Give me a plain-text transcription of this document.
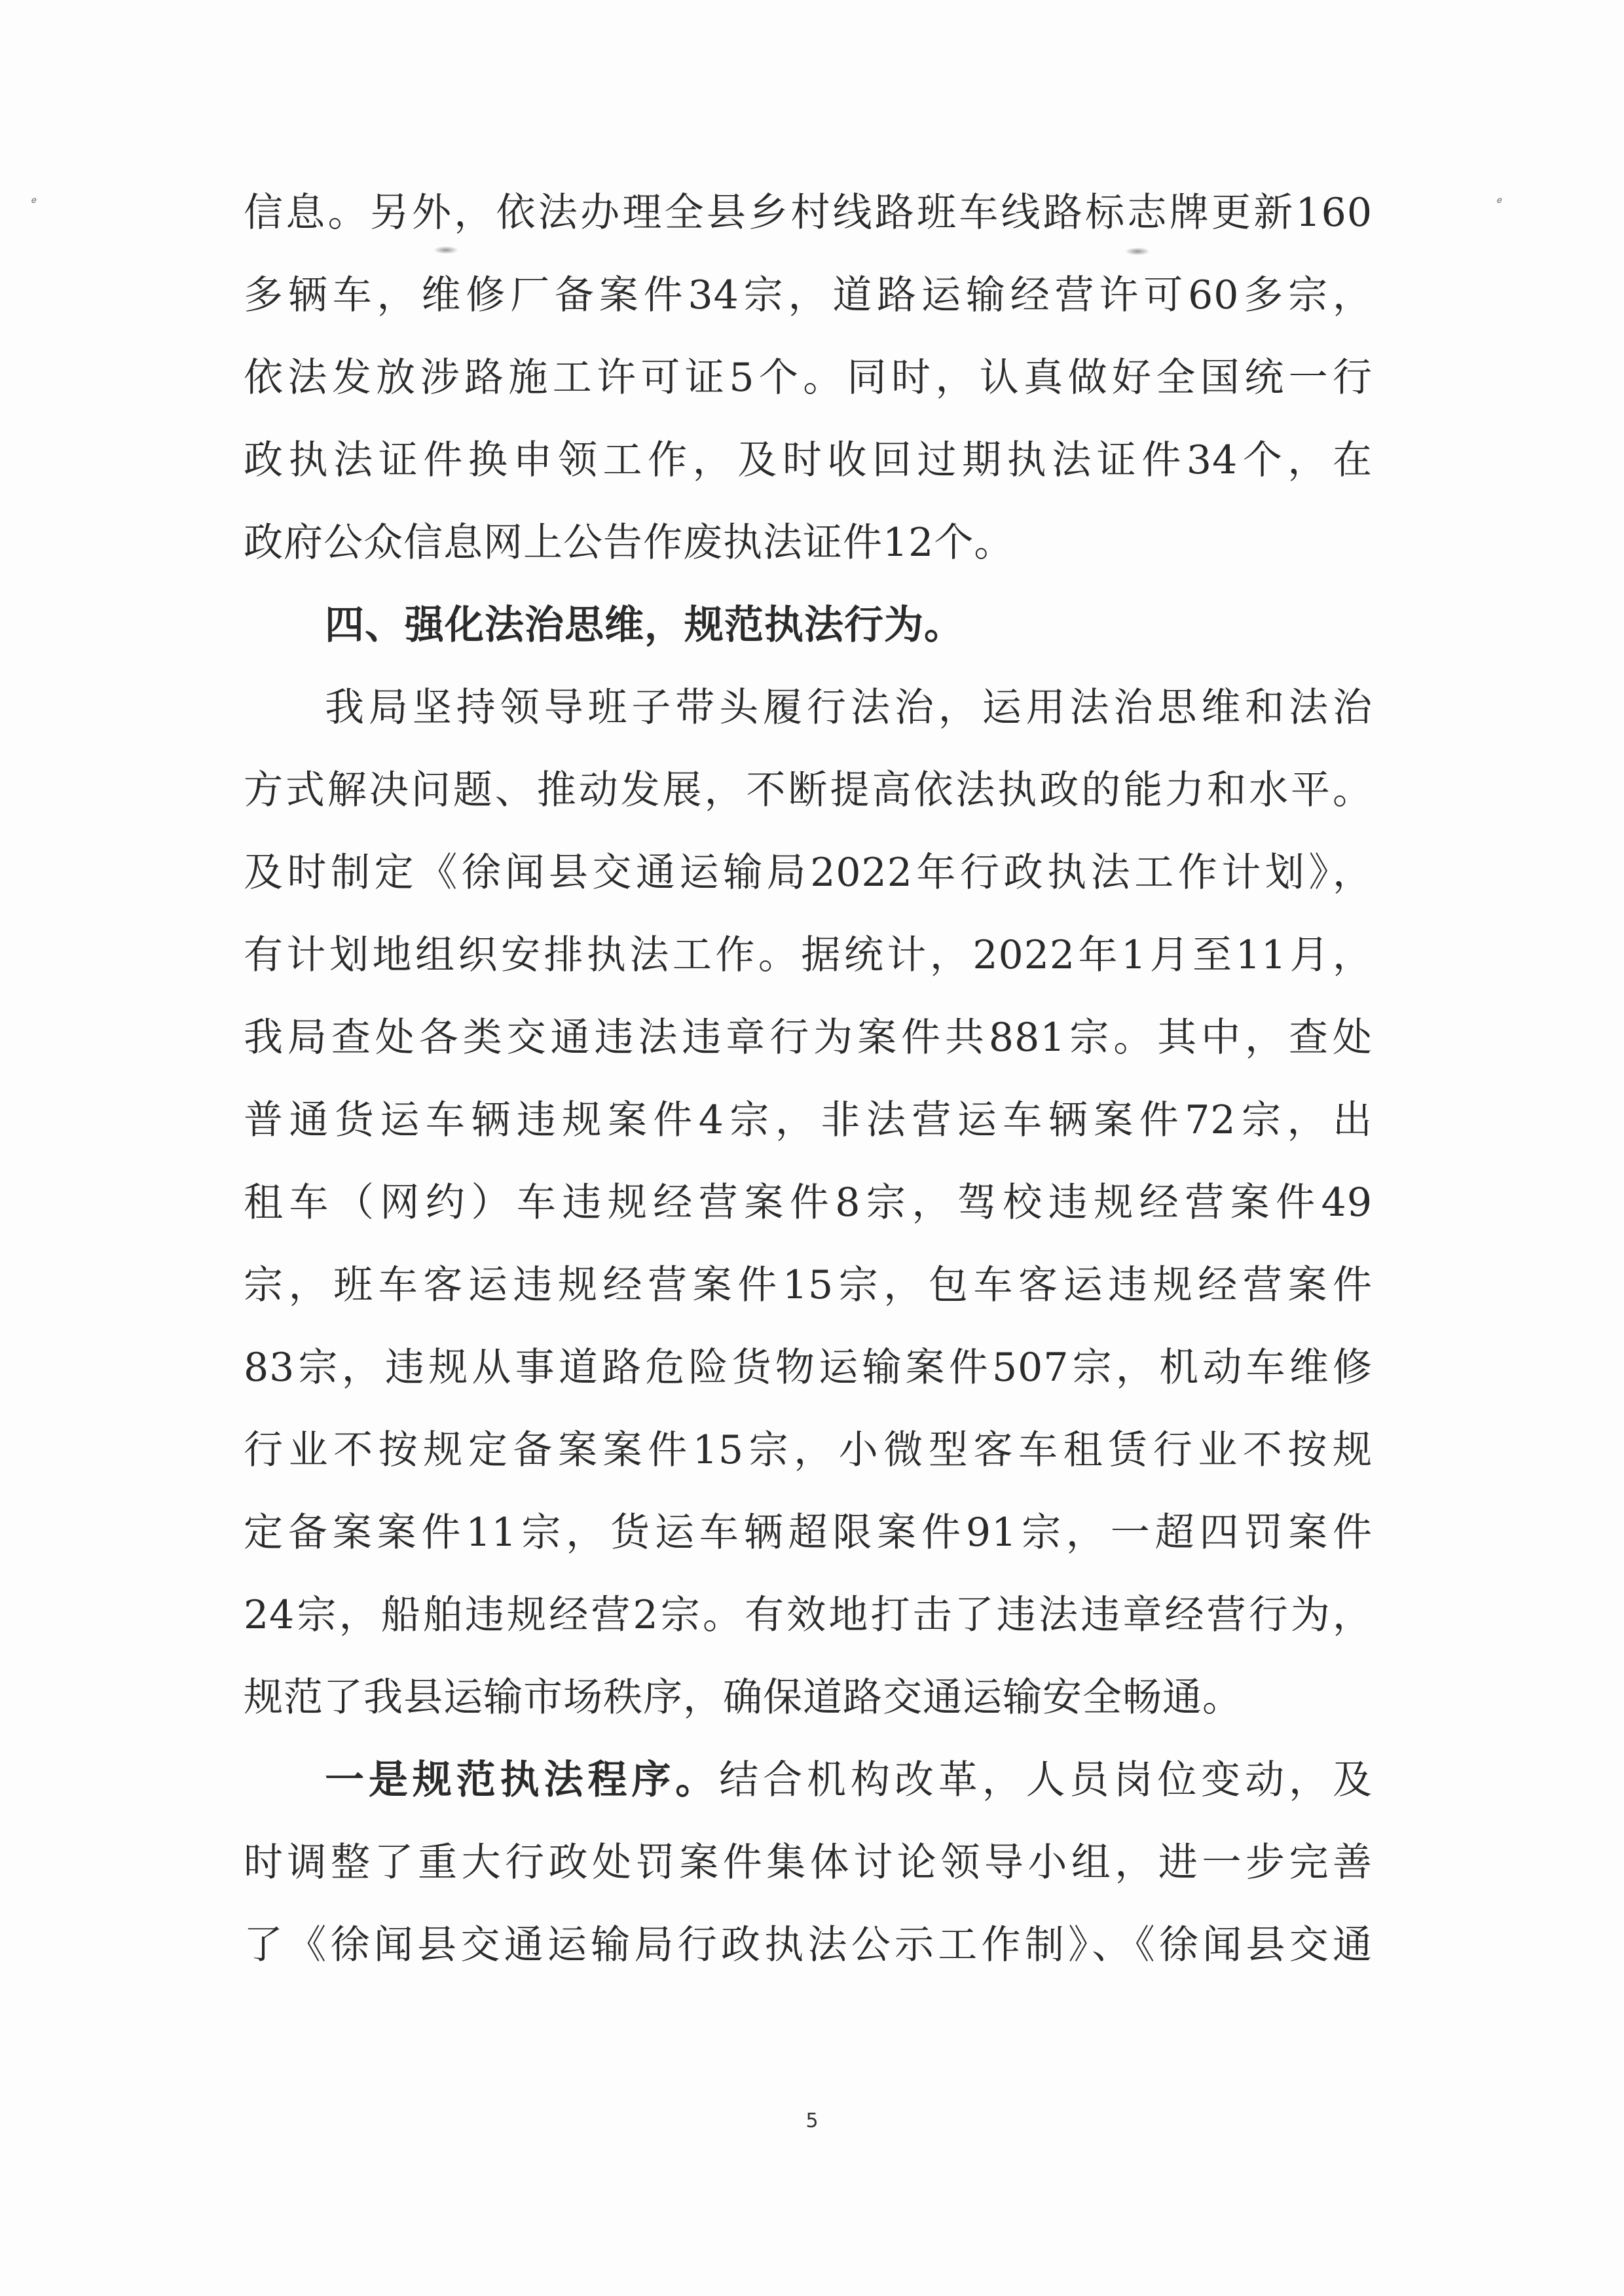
𝑒	𝑒
信息。另外，依法办理全县乡村线路班车线路标志牌更新160
多辆车，维修厂备案件34宗，道路运输经营许可60多宗，
依法发放涉路施工许可证5个。同时，认真做好全国统一行
政执法证件换申领工作，及时收回过期执法证件34个，在
政府公众信息网上公告作废执法证件12个。
四、强化法治思维，规范执法行为。
我局坚持领导班子带头履行法治，运用法治思维和法治
方式解决问题、推动发展，不断提高依法执政的能力和水平。
及时制定《徐闻县交通运输局2022年行政执法工作计划》，
有计划地组织安排执法工作。据统计，2022年1月至11月，
我局查处各类交通违法违章行为案件共881宗。其中，查处
普通货运车辆违规案件4宗，非法营运车辆案件72宗，出
租车（网约）车违规经营案件8宗，驾校违规经营案件49
宗，班车客运违规经营案件15宗，包车客运违规经营案件
83宗，违规从事道路危险货物运输案件507宗，机动车维修
行业不按规定备案案件15宗，小微型客车租赁行业不按规
定备案案件11宗，货运车辆超限案件91宗，一超四罚案件
24宗，船舶违规经营2宗。有效地打击了违法违章经营行为，
规范了我县运输市场秩序，确保道路交通运输安全畅通。
一是规范执法程序。结合机构改革，人员岗位变动，及
时调整了重大行政处罚案件集体讨论领导小组，进一步完善
了《徐闻县交通运输局行政执法公示工作制》、《徐闻县交通
5
